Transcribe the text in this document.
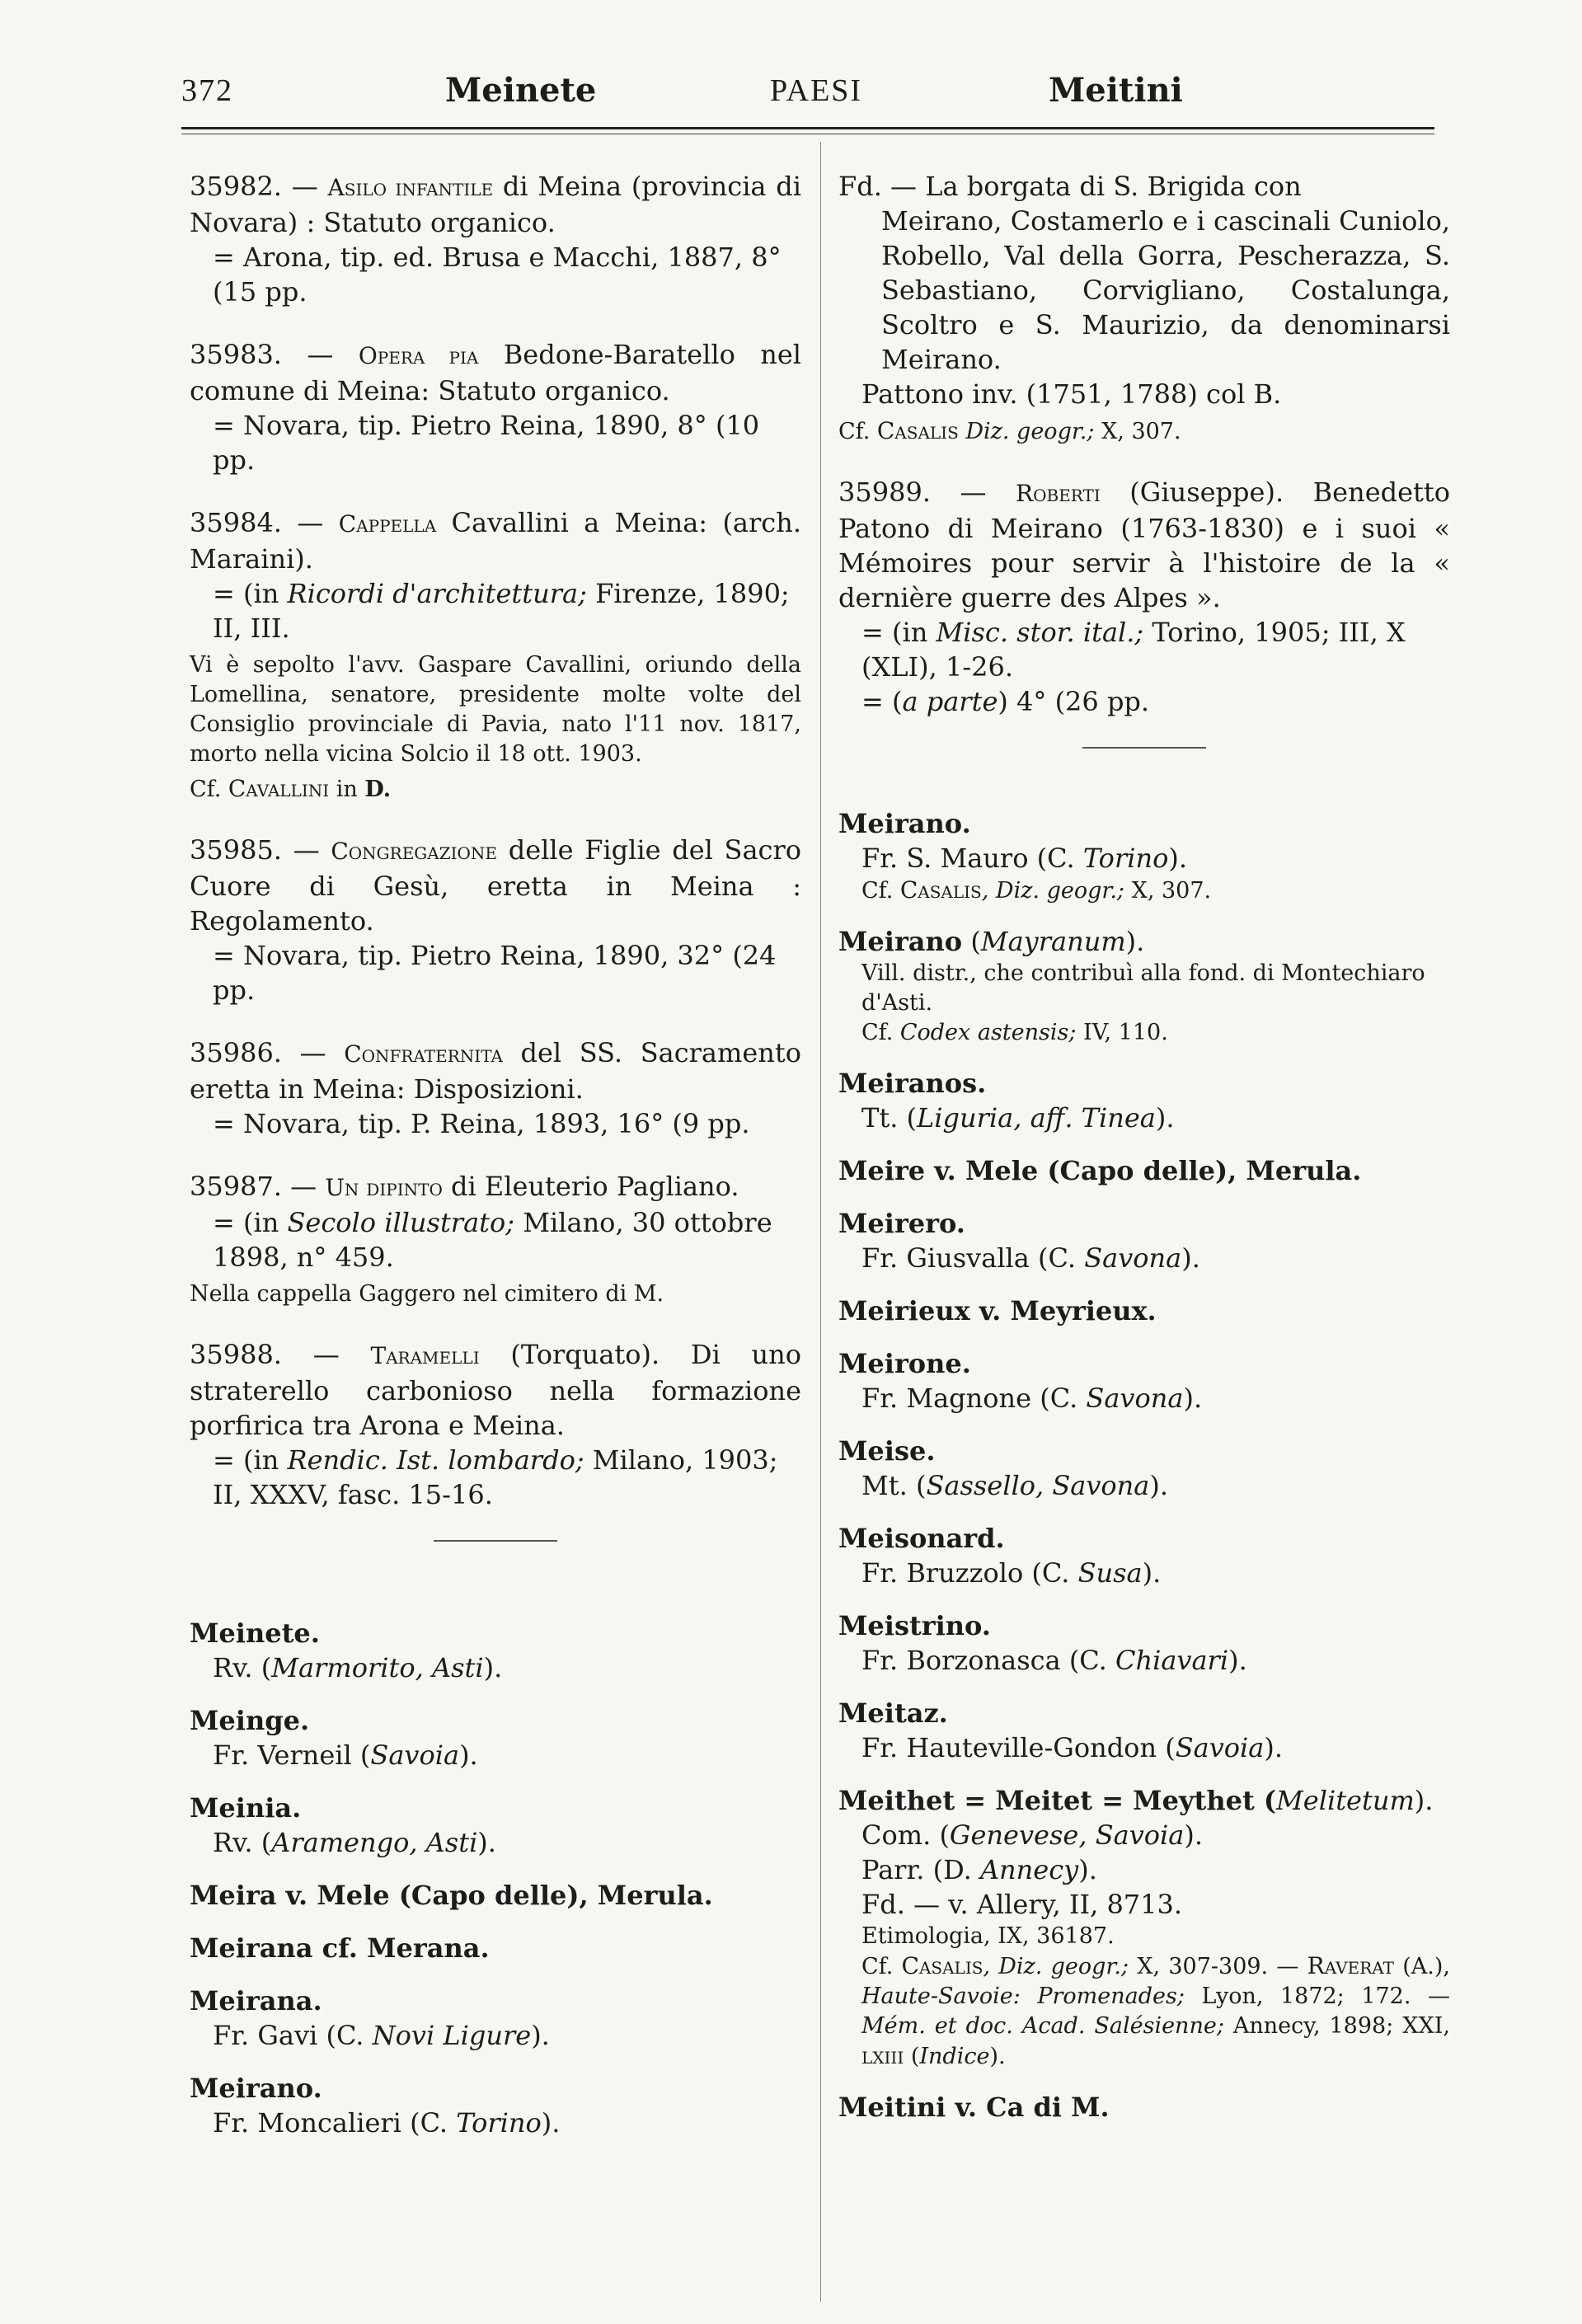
372	Meinete	PAESI	Meitini
35982. — Asilo infantile di Meina (provincia di Novara) : Statuto organico.
= Arona, tip. ed. Brusa e Macchi, 1887, 8° (15 pp.
35983. — Opera pia Bedone-Baratello nel comune di Meina: Statuto organico.
= Novara, tip. Pietro Reina, 1890, 8° (10 pp.
35984. — Cappella Cavallini a Meina: (arch. Maraini).
= (in Ricordi d'architettura; Firenze, 1890; II, III.
Vi è sepolto l'avv. Gaspare Cavallini, oriundo della Lomellina, senatore, presidente molte volte del Consiglio provinciale di Pavia, nato l'11 nov. 1817, morto nella vicina Solcio il 18 ott. 1903.
Cf. Cavallini in D.
35985. — Congregazione delle Figlie del Sacro Cuore di Gesù, eretta in Meina : Regolamento.
= Novara, tip. Pietro Reina, 1890, 32° (24 pp.
35986. — Confraternita del SS. Sacramento eretta in Meina: Disposizioni.
= Novara, tip. P. Reina, 1893, 16° (9 pp.
35987. — Un dipinto di Eleuterio Pagliano.
= (in Secolo illustrato; Milano, 30 ottobre 1898, n° 459.
Nella cappella Gaggero nel cimitero di M.
35988. — Taramelli (Torquato). Di uno straterello carbonioso nella formazione porfirica tra Arona e Meina.
= (in Rendic. Ist. lombardo; Milano, 1903; II, XXXV, fasc. 15-16.
Meinete.
Rv. (Marmorito, Asti).
Meinge.
Fr. Verneil (Savoia).
Meinia.
Rv. (Aramengo, Asti).
Meira v. Mele (Capo delle), Merula.
Meirana cf. Merana.
Meirana.
Fr. Gavi (C. Novi Ligure).
Meirano.
Fr. Moncalieri (C. Torino).
Fd. — La borgata di S. Brigida con
Meirano, Costamerlo e i cascinali Cuniolo, Robello, Val della Gorra, Pescherazza, S. Sebastiano, Corvigliano, Costalunga, Scoltro e S. Maurizio, da denominarsi Meirano.
Pattono inv. (1751, 1788) col B.
Cf. Casalis Diz. geogr.; X, 307.
35989. — Roberti (Giuseppe). Benedetto Patono di Meirano (1763-1830) e i suoi « Mémoires pour servir à l'histoire de la « dernière guerre des Alpes ».
= (in Misc. stor. ital.; Torino, 1905; III, X (XLI), 1-26.
= (a parte) 4° (26 pp.
Meirano.
Fr. S. Mauro (C. Torino).
Cf. Casalis, Diz. geogr.; X, 307.
Meirano (Mayranum).
Vill. distr., che contribuì alla fond. di Montechiaro d'Asti.
Cf. Codex astensis; IV, 110.
Meiranos.
Tt. (Liguria, aff. Tinea).
Meire v. Mele (Capo delle), Merula.
Meirero.
Fr. Giusvalla (C. Savona).
Meirieux v. Meyrieux.
Meirone.
Fr. Magnone (C. Savona).
Meise.
Mt. (Sassello, Savona).
Meisonard.
Fr. Bruzzolo (C. Susa).
Meistrino.
Fr. Borzonasca (C. Chiavari).
Meitaz.
Fr. Hauteville-Gondon (Savoia).
Meithet = Meitet = Meythet (Melitetum).
Com. (Genevese, Savoia).
Parr. (D. Annecy).
Fd. — v. Allery, II, 8713.
Etimologia, IX, 36187.
Cf. Casalis, Diz. geogr.; X, 307-309. — Raverat (A.), Haute-Savoie: Promenades; Lyon, 1872; 172. — Mém. et doc. Acad. Salésienne; Annecy, 1898; XXI, lxiii (Indice).
Meitini v. Ca di M.
